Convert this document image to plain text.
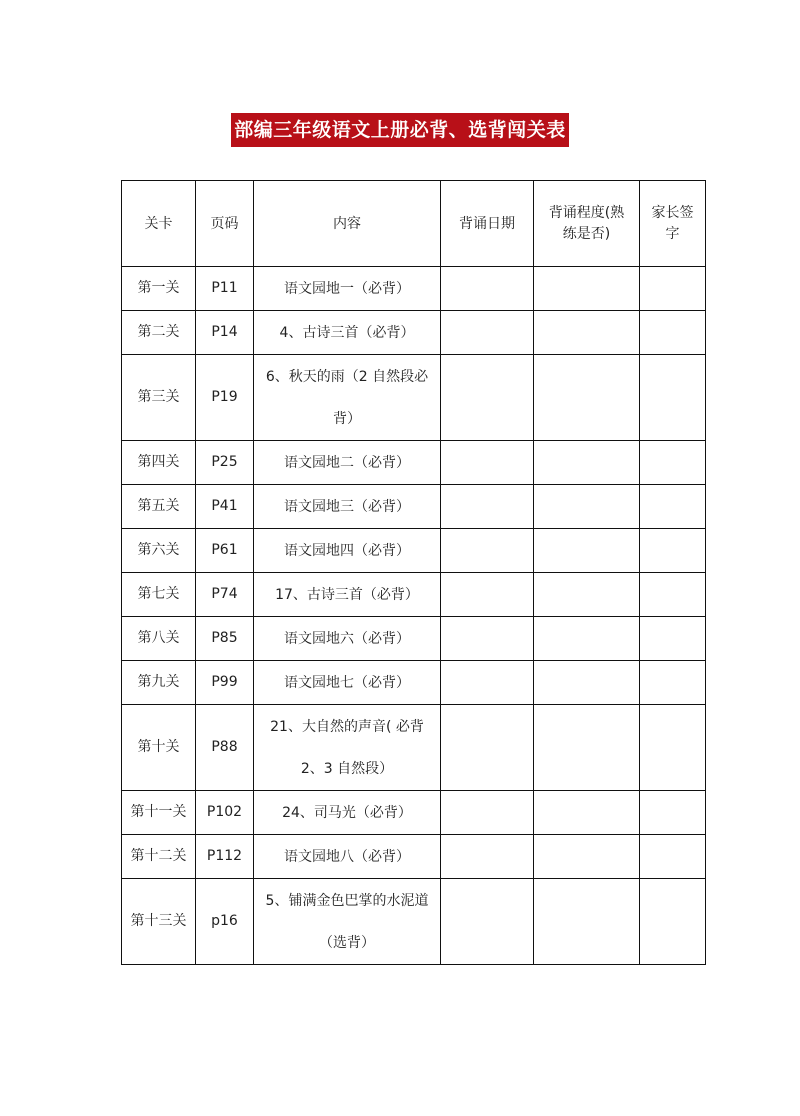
部编三年级语文上册必背、选背闯关表
关卡	页码	内容	背诵日期	背诵程度(熟练是否)	家长签字
第一关	P11	语文园地一（必背）			
第二关	P14	4、古诗三首（必背）			
第三关	P19	6、秋天的雨（2 自然段必背）			
第四关	P25	语文园地二（必背）			
第五关	P41	语文园地三（必背）			
第六关	P61	语文园地四（必背）			
第七关	P74	17、古诗三首（必背）			
第八关	P85	语文园地六（必背）			
第九关	P99	语文园地七（必背）			
第十关	P88	21、大自然的声音( 必背 2、3 自然段）			
第十一关	P102	24、司马光（必背）			
第十二关	P112	语文园地八（必背）			
第十三关	p16	5、铺满金色巴掌的水泥道（选背）			
